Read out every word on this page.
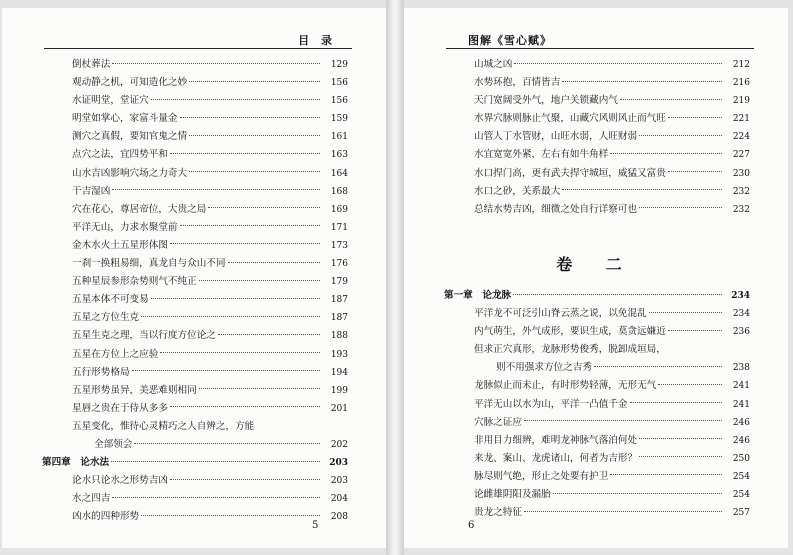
目 录
倒杖葬法	129
观动静之机，可知造化之妙	156
水证明堂，堂证穴	156
明堂如掌心，家富斗量金	159
测穴之真假，要知官鬼之情	161
点穴之法，宜四势平和	163
山水吉凶影响穴场之力奇大	164
干吉湿凶	168
穴在花心，尊居帝位，大贵之局	169
平洋无山，力求水聚堂前	171
金木水火土五星形体图	173
一刹一换粗易细，真龙自与众山不同	176
五种星辰参形杂势则气不纯正	179
五星本体不可变易	187
五星之方位生克	187
五星生克之理，当以行度方位论之	188
五星在方位上之应验	193
五行形势格局	194
五星形势虽异，美恶难则相同	199
星唇之贵在于侍从多多	201
五星变化，惟待心灵精巧之人自辨之，方能
全部领会	202
第四章　论水法	203
论水只论水之形势吉凶	203
水之四吉	204
凶水的四种形势	208
5
图解《雪心赋》
山城之凶	212
水势环抱，百情皆吉	216
天门宽阔受外气，地户关锁藏内气	219
水界穴脉则脉止气聚，山藏穴风则风止而气旺	221
山管人丁水管财，山旺水弱，人旺财弱	224
水宜宽宽外紧，左右有如牛角样	227
水口捍门高，更有武夫捍守城垣，威猛又富贵	230
水口之砂，关系最大	232
总结水势吉凶，细微之处自行详察可也	232
卷 二
第一章　论龙脉	234
平洋龙不可泛引山脊云蒸之说，以免混乱	234
内气萌生，外气成形，要识生成，莫贪远嫌近	236
但求正穴真形，龙脉形势俊秀，脱卸成垣局，
则不用强求方位之吉秀	238
龙脉似止而未止，有时形势轻薄，无形无气	241
平洋无山以水为山，平洋一凸值千金	241
穴脉之证应	246
非用目力细辨，难明龙神脉气落泊何处	246
来龙、案山、龙虎诸山，何者为吉形？	250
脉尽则气绝，形止之处要有护卫	254
论雌雄阴阳及漏胎	254
贵龙之特征	257
6
